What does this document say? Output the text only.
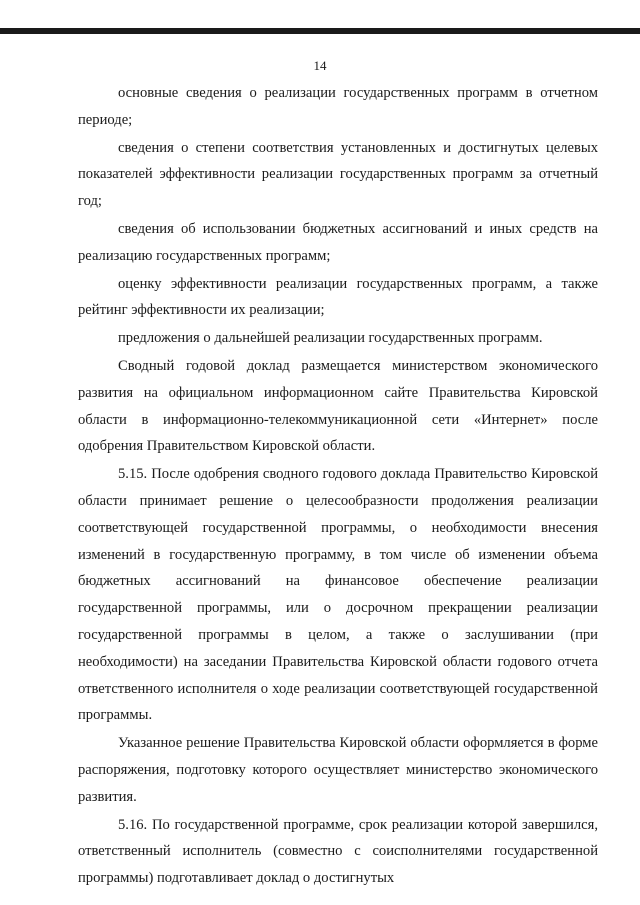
14

основные сведения о реализации государственных программ в отчетном периоде;

сведения о степени соответствия установленных и достигнутых целевых показателей эффективности реализации государственных программ за отчетный год;

сведения об использовании бюджетных ассигнований и иных средств на реализацию государственных программ;

оценку эффективности реализации государственных программ, а также рейтинг эффективности их реализации;

предложения о дальнейшей реализации государственных программ.

Сводный годовой доклад размещается министерством экономического развития на официальном информационном сайте Правительства Кировской области в информационно-телекоммуникационной сети «Интернет» после одобрения Правительством Кировской области.

5.15. После одобрения сводного годового доклада Правительство Кировской области принимает решение о целесообразности продолжения реализации соответствующей государственной программы, о необходимости внесения изменений в государственную программу, в том числе об изменении объема бюджетных ассигнований на финансовое обеспечение реализации государственной программы, или о досрочном прекращении реализации государственной программы в целом, а также о заслушивании (при необходимости) на заседании Правительства Кировской области годового отчета ответственного исполнителя о ходе реализации соответствующей государственной программы.

Указанное решение Правительства Кировской области оформляется в форме распоряжения, подготовку которого осуществляет министерство экономического развития.

5.16. По государственной программе, срок реализации которой завершился, ответственный исполнитель (совместно с соисполнителями государственной программы) подготавливает доклад о достигнутых
